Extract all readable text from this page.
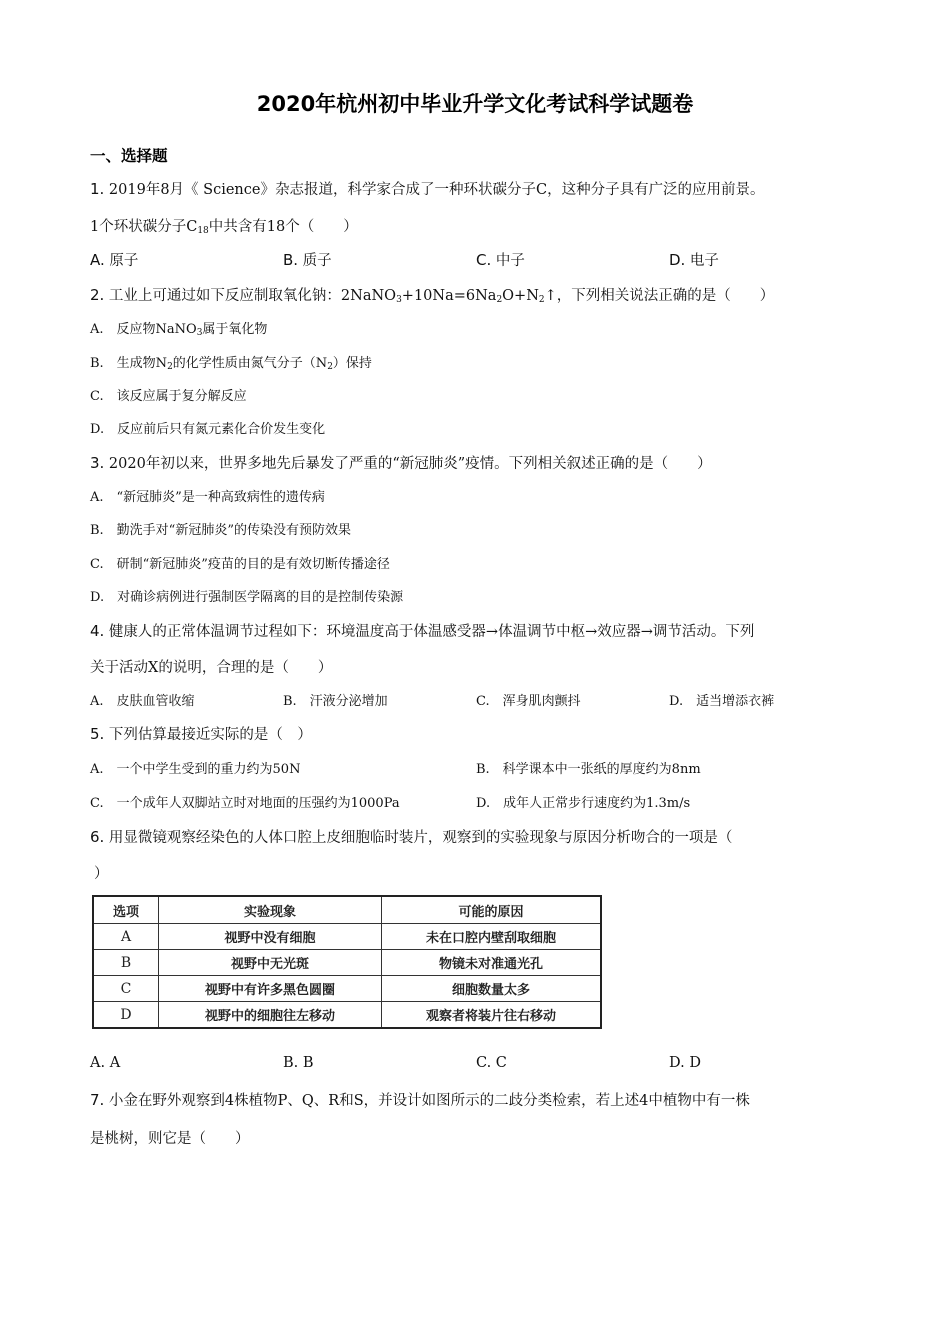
2020年杭州初中毕业升学文化考试科学试题卷
一、选择题
1. 2019年8月《 Science》杂志报道，科学家合成了一种环状碳分子C，这种分子具有广泛的应用前景。
1个环状碳分子$C_{18}$中共含有18个（　　）
A. 原子	B. 质子	C. 中子	D. 电子
2. 工业上可通过如下反应制取氧化钠：$2NaNO_3+10Na=6Na_2O+N_2↑$，下列相关说法正确的是（　　）
A.　反应物NaNO$_3$属于氧化物
B.　生成物$N_2$的化学性质由氮气分子$(N_2)$保持
C.　该反应属于复分解反应
D.　反应前后只有氮元素化合价发生变化
3. 2020年初以来，世界多地先后暴发了严重的“新冠肺炎”疫情。下列相关叙述正确的是（　　）
A.　“新冠肺炎”是一种高致病性的遗传病
B.　勤洗手对“新冠肺炎”的传染没有预防效果
C.　研制“新冠肺炎”疫苗的目的是有效切断传播途径
D.　对确诊病例进行强制医学隔离的目的是控制传染源
4. 健康人的正常体温调节过程如下：环境温度高于体温感受器→体温调节中枢→效应器→调节活动。下列
关于活动X的说明，合理的是（　　）
A.　皮肤血管收缩	B.　汗液分泌增加	C.　浑身肌肉颤抖	D.　适当增添衣裤
5. 下列估算最接近实际的是（　）
A.　一个中学生受到的重力约为50N	B.　科学课本中一张纸的厚度约为8nm
C.　一个成年人双脚站立时对地面的压强约为1000Pa	D.　成年人正常步行速度约为1.3m/s
6. 用显微镜观察经染色的人体口腔上皮细胞临时装片，观察到的实验现象与原因分析吻合的一项是（
）
选项	实验现象	可能的原因
A	视野中没有细胞	未在口腔内壁刮取细胞
B	视野中无光斑	物镜未对准通光孔
C	视野中有许多黑色圆圈	细胞数量太多
D	视野中的细胞往左移动	观察者将装片往右移动
A. A	B. B	C. C	D. D
7. 小金在野外观察到4株植物P、Q、R和S，并设计如图所示的二歧分类检索，若上述4中植物中有一株
是桃树，则它是（　　）
